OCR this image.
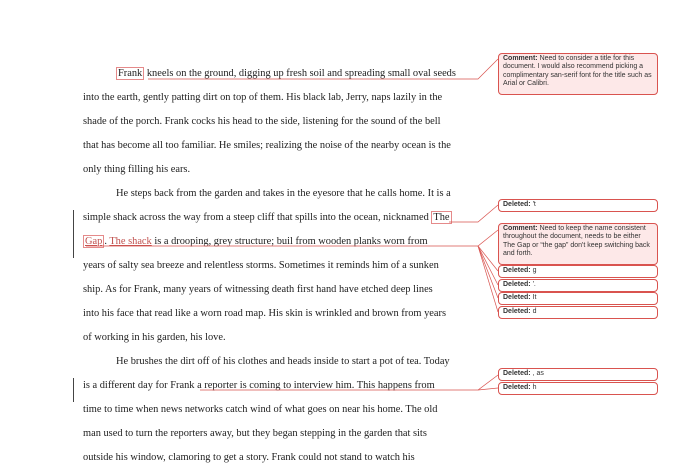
Frank kneels on the ground, digging up fresh soil and spreading small oval seeds
into the earth, gently patting dirt on top of them. His black lab, Jerry, naps lazily in the
shade of the porch. Frank cocks his head to the side, listening for the sound of the bell
that has become all too familiar. He smiles; realizing the noise of the nearby ocean is the
only thing filling his ears.
He steps back from the garden and takes in the eyesore that he calls home. It is a
simple shack across the way from a steep cliff that spills into the ocean, nicknamed The
Gap . The shack is a drooping, grey structure; buil from wooden planks worn from
years of salty sea breeze and relentless storms. Sometimes it reminds him of a sunken
ship. As for Frank, many years of witnessing death first hand have etched deep lines
into his face that read like a worn road map. His skin is wrinkled and brown from years
of working in his garden, his love.
He brushes the dirt off of his clothes and heads inside to start a pot of tea. Today
is a different day for Frank a reporter is coming to interview him. This happens from
time to time when news networks catch wind of what goes on near his home. The old
man used to turn the reporters away, but they began stepping in the garden that sits
outside his window, clamoring to get a story. Frank could not stand to watch his
Comment: Need to consider a title for this document. I would also recommend picking a complimentary san-serif font for the title such as Arial or Calibri.
Deleted: 't
Comment: Need to keep the name consistent throughout the document, needs to be either The Gap or “the gap” don't keep switching back and forth.
Deleted: g
Deleted: '.
Deleted: It
Deleted: d
Deleted: , as
Deleted: h
